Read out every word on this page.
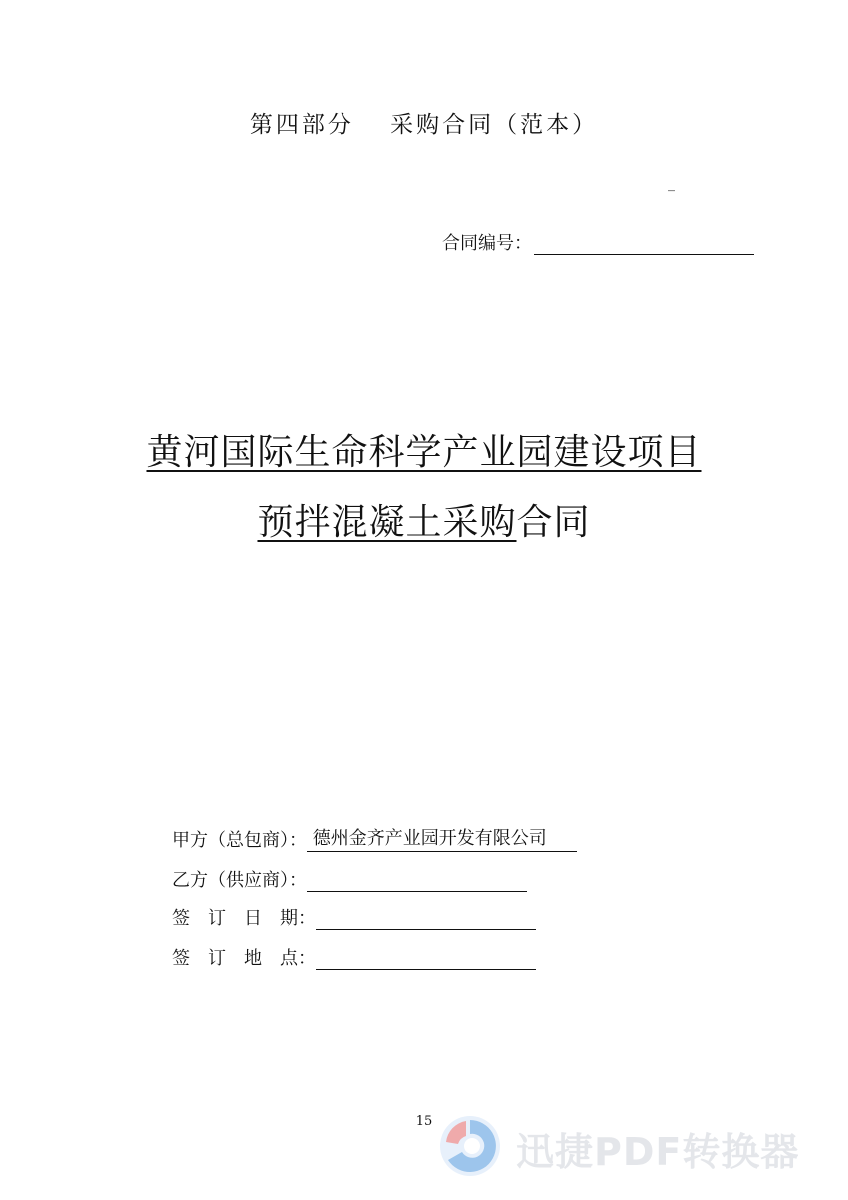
第四部分　 采购合同（范本）
_
合同编号：
黄河国际生命科学产业园建设项目
预拌混凝土采购合同
甲方（总包商）： 德州金齐产业园开发有限公司
乙方（供应商）：
签　订　日　期：
签　订　地　点：
15
迅捷PDF转换器
